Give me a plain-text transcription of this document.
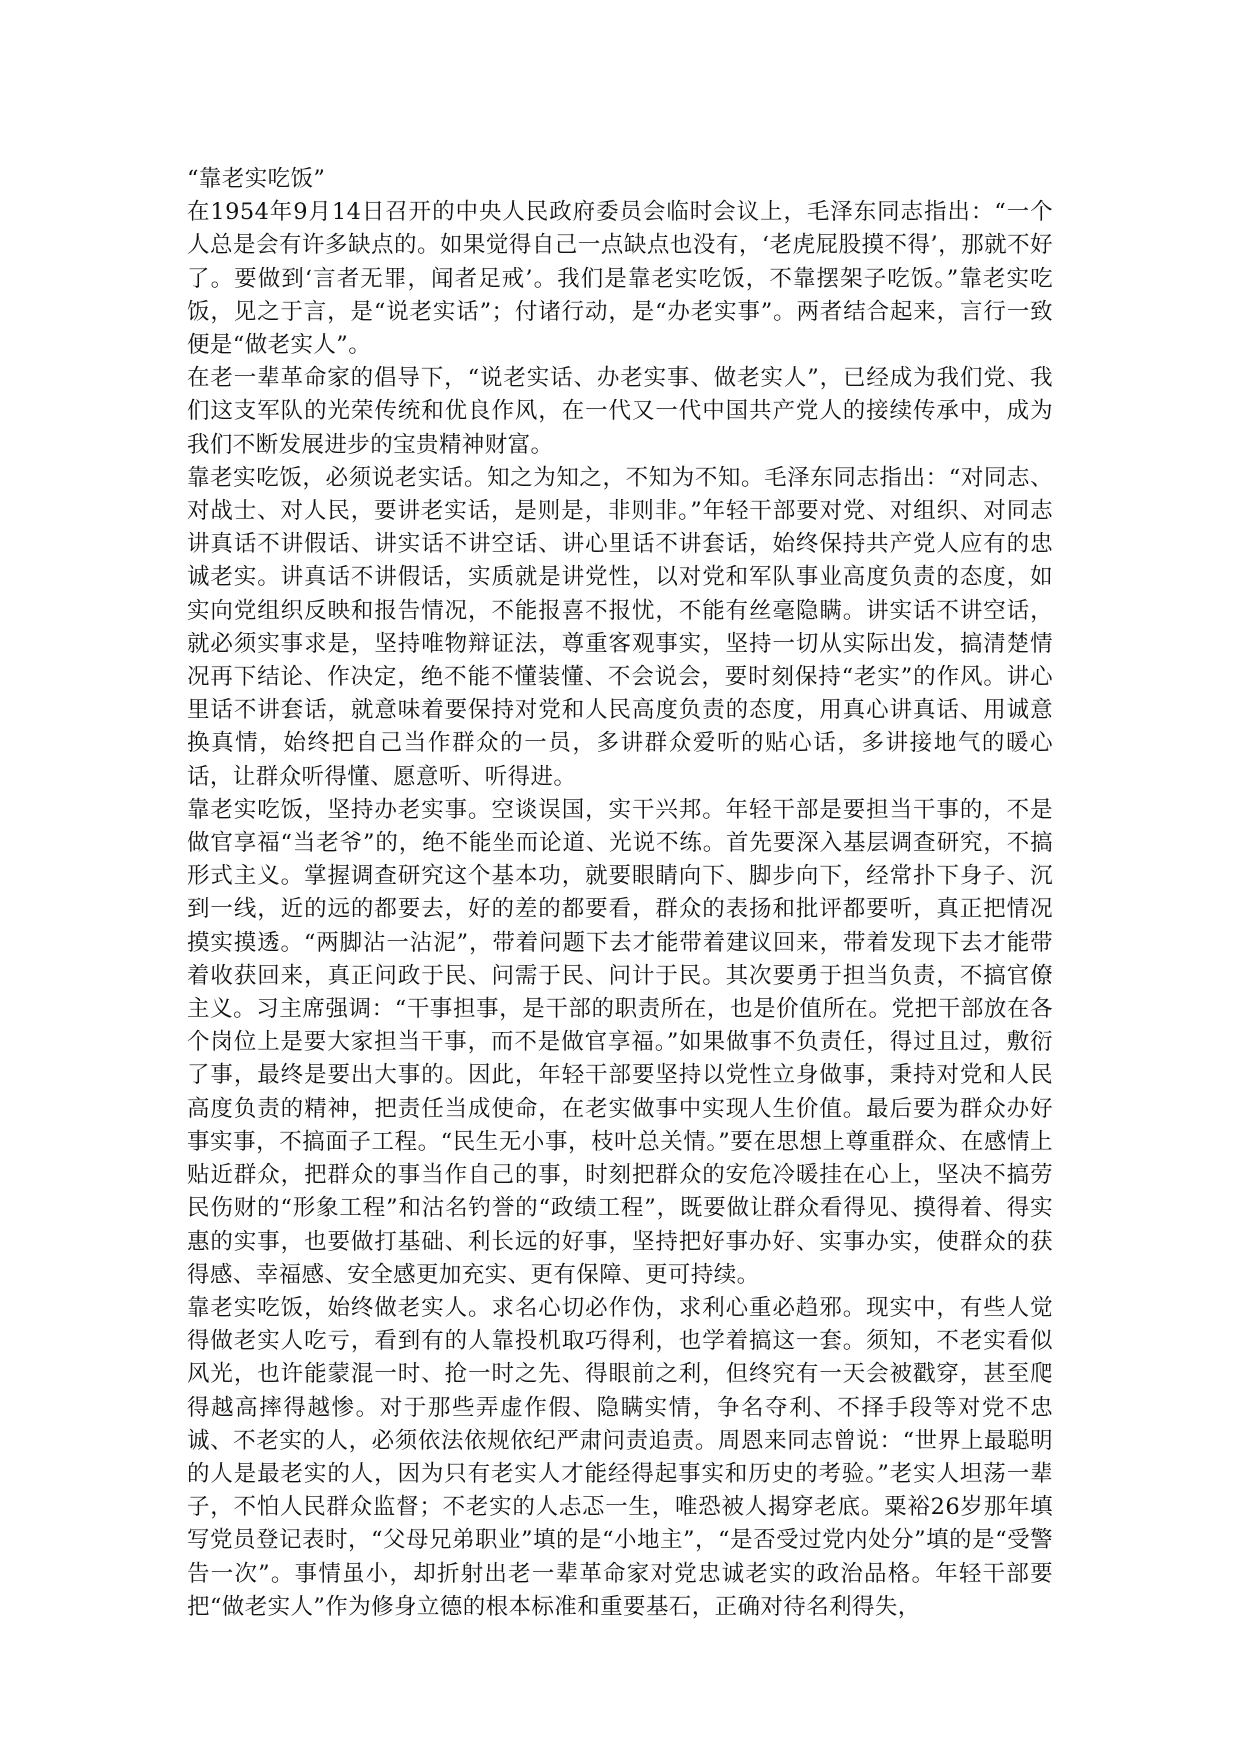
“靠老实吃饭”

在1954年9月14日召开的中央人民政府委员会临时会议上，毛泽东同志指出：“一个人总是会有许多缺点的。如果觉得自己一点缺点也没有，‘老虎屁股摸不得’，那就不好了。要做到‘言者无罪，闻者足戒’。我们是靠老实吃饭，不靠摆架子吃饭。”靠老实吃饭，见之于言，是“说老实话”；付诸行动，是“办老实事”。两者结合起来，言行一致便是“做老实人”。

在老一辈革命家的倡导下，“说老实话、办老实事、做老实人”，已经成为我们党、我们这支军队的光荣传统和优良作风，在一代又一代中国共产党人的接续传承中，成为我们不断发展进步的宝贵精神财富。

靠老实吃饭，必须说老实话。知之为知之，不知为不知。毛泽东同志指出：“对同志、对战士、对人民，要讲老实话，是则是，非则非。”年轻干部要对党、对组织、对同志讲真话不讲假话、讲实话不讲空话、讲心里话不讲套话，始终保持共产党人应有的忠诚老实。讲真话不讲假话，实质就是讲党性，以对党和军队事业高度负责的态度，如实向党组织反映和报告情况，不能报喜不报忧，不能有丝毫隐瞒。讲实话不讲空话，就必须实事求是，坚持唯物辩证法，尊重客观事实，坚持一切从实际出发，搞清楚情况再下结论、作决定，绝不能不懂装懂、不会说会，要时刻保持“老实”的作风。讲心里话不讲套话，就意味着要保持对党和人民高度负责的态度，用真心讲真话、用诚意换真情，始终把自己当作群众的一员，多讲群众爱听的贴心话，多讲接地气的暖心话，让群众听得懂、愿意听、听得进。

靠老实吃饭，坚持办老实事。空谈误国，实干兴邦。年轻干部是要担当干事的，不是做官享福“当老爷”的，绝不能坐而论道、光说不练。首先要深入基层调查研究，不搞形式主义。掌握调查研究这个基本功，就要眼睛向下、脚步向下，经常扑下身子、沉到一线，近的远的都要去，好的差的都要看，群众的表扬和批评都要听，真正把情况摸实摸透。“两脚沾一沾泥”，带着问题下去才能带着建议回来，带着发现下去才能带着收获回来，真正问政于民、问需于民、问计于民。其次要勇于担当负责，不搞官僚主义。习主席强调：“干事担事，是干部的职责所在，也是价值所在。党把干部放在各个岗位上是要大家担当干事，而不是做官享福。”如果做事不负责任，得过且过，敷衍了事，最终是要出大事的。因此，年轻干部要坚持以党性立身做事，秉持对党和人民高度负责的精神，把责任当成使命，在老实做事中实现人生价值。最后要为群众办好事实事，不搞面子工程。“民生无小事，枝叶总关情。”要在思想上尊重群众、在感情上贴近群众，把群众的事当作自己的事，时刻把群众的安危冷暖挂在心上，坚决不搞劳民伤财的“形象工程”和沽名钓誉的“政绩工程”，既要做让群众看得见、摸得着、得实惠的实事，也要做打基础、利长远的好事，坚持把好事办好、实事办实，使群众的获得感、幸福感、安全感更加充实、更有保障、更可持续。

靠老实吃饭，始终做老实人。求名心切必作伪，求利心重必趋邪。现实中，有些人觉得做老实人吃亏，看到有的人靠投机取巧得利，也学着搞这一套。须知，不老实看似风光，也许能蒙混一时、抢一时之先、得眼前之利，但终究有一天会被戳穿，甚至爬得越高摔得越惨。对于那些弄虚作假、隐瞒实情，争名夺利、不择手段等对党不忠诚、不老实的人，必须依法依规依纪严肃问责追责。周恩来同志曾说：“世界上最聪明的人是最老实的人，因为只有老实人才能经得起事实和历史的考验。”老实人坦荡一辈子，不怕人民群众监督；不老实的人忐忑一生，唯恐被人揭穿老底。粟裕26岁那年填写党员登记表时，“父母兄弟职业”填的是“小地主”，“是否受过党内处分”填的是“受警告一次”。事情虽小，却折射出老一辈革命家对党忠诚老实的政治品格。年轻干部要把“做老实人”作为修身立德的根本标准和重要基石，正确对待名利得失，
